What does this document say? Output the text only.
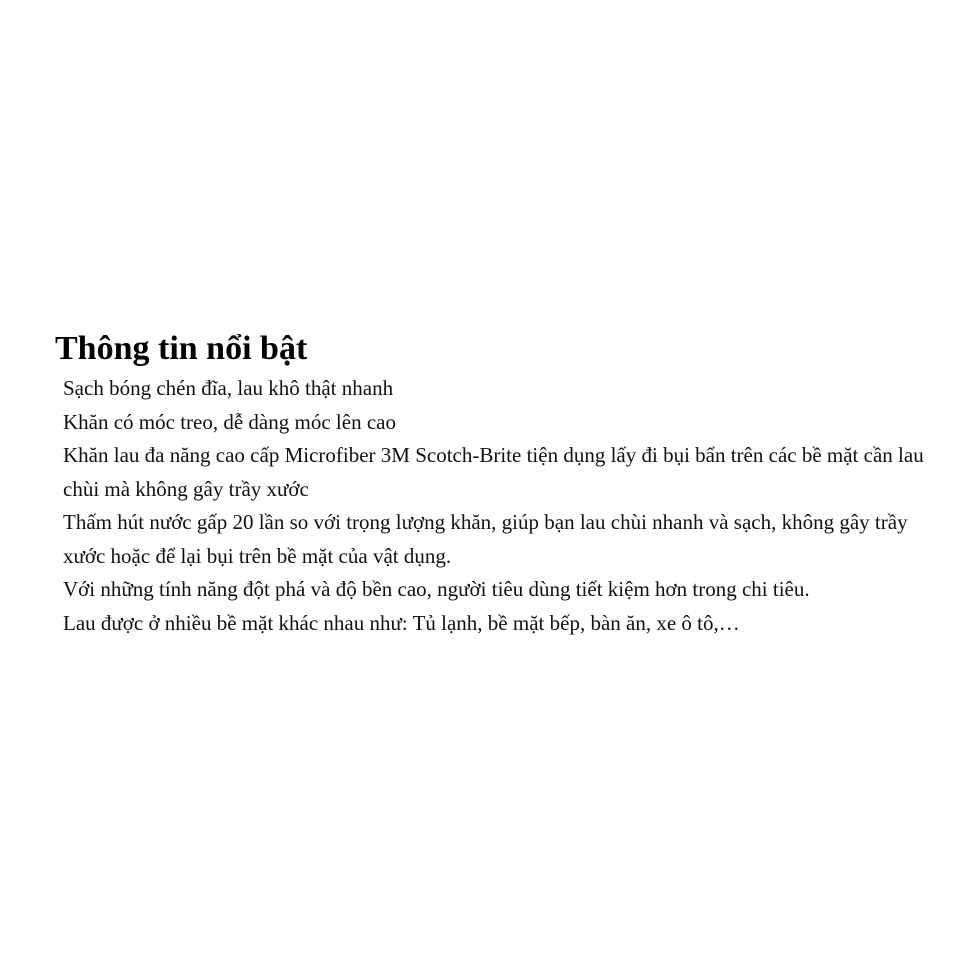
Thông tin nổi bật
Sạch bóng chén đĩa, lau khô thật nhanh
Khăn có móc treo, dễ dàng móc lên cao
Khăn lau đa năng cao cấp Microfiber 3M Scotch-Brite tiện dụng lấy đi bụi bẩn trên các bề mặt cần lau chùi mà không gây trầy xước
Thấm hút nước gấp 20 lần so với trọng lượng khăn, giúp bạn lau chùi nhanh và sạch, không gây trầy xước hoặc để lại bụi trên bề mặt của vật dụng.
Với những tính năng đột phá và độ bền cao, người tiêu dùng tiết kiệm hơn trong chi tiêu.
Lau được ở nhiều bề mặt khác nhau như: Tủ lạnh, bề mặt bếp, bàn ăn, xe ô tô,…
